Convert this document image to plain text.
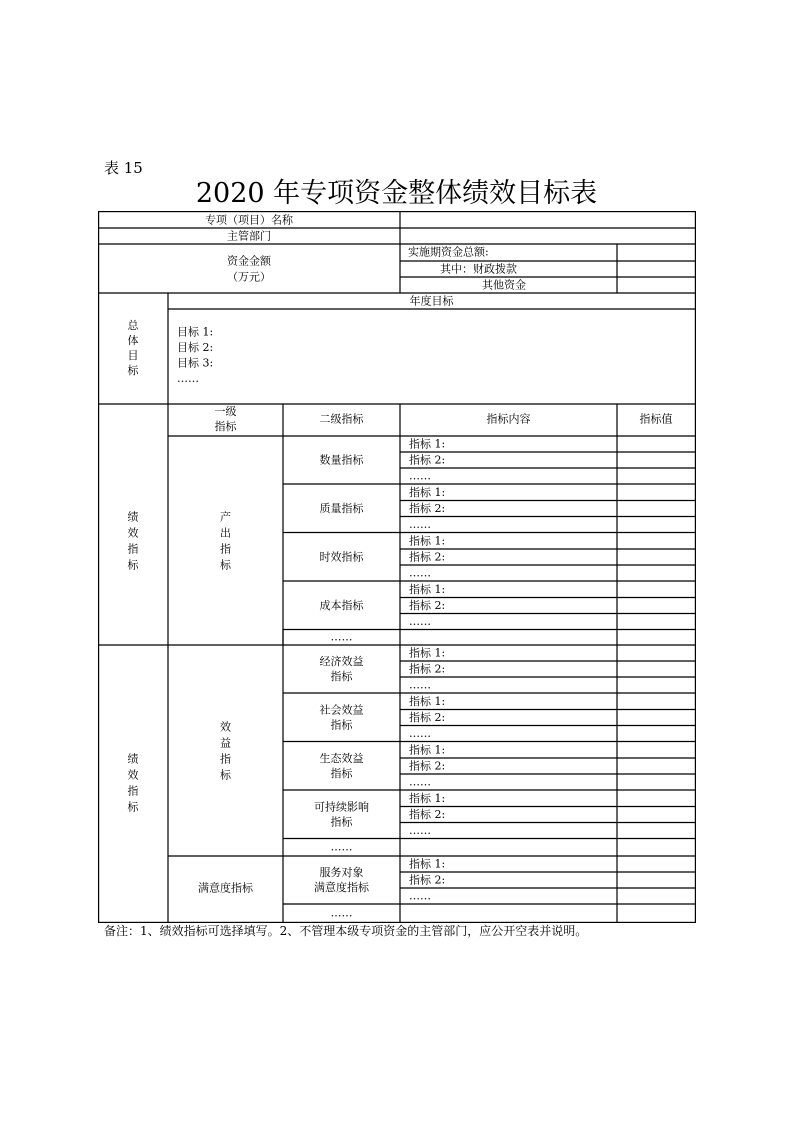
表 15
2020 年专项资金整体绩效目标表
专项（项目）名称
主管部门
资金金额
（万元）
实施期资金总额:
其中：财政拨款
其他资金
总
体
目
标
年度目标
目标 1:
目标 2:
目标 3:
……
一级
指标
二级指标	指标内容	指标值
指标 1:
指标 2:
……
数量指标
指标 1:
指标 2:
……
质量指标
指标 1:
指标 2:
……
时效指标
指标 1:
指标 2:
……
成本指标
……
绩
效
指
标
产
出
指
标
指标 1:
指标 2:
……
经济效益
指标
指标 1:
指标 2:
……
社会效益
指标
指标 1:
指标 2:
……
生态效益
指标
指标 1:
指标 2:
……
可持续影响
指标
……
绩
效
指
标
效
益
指
标
指标 1:
指标 2:
……
服务对象
满意度指标
……
满意度指标
备注：1、绩效指标可选择填写。2、不管理本级专项资金的主管部门，应公开空表并说明。
